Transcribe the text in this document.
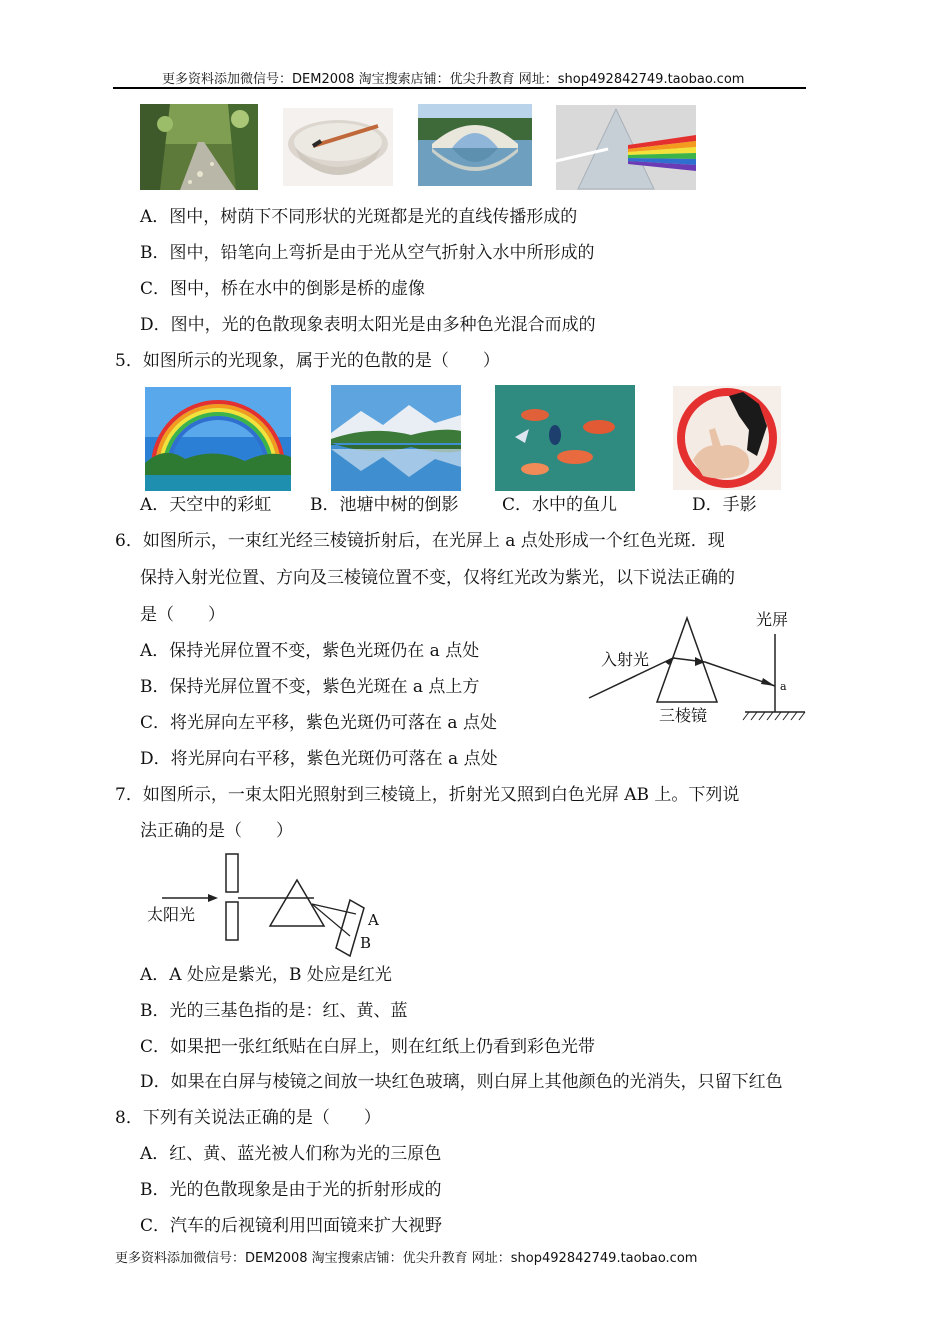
更多资料添加微信号：DEM2008 淘宝搜索店铺：优尖升教育 网址：shop492842749.taobao.com
A．图中，树荫下不同形状的光斑都是光的直线传播形成的
B．图中，铅笔向上弯折是由于光从空气折射入水中所形成的
C．图中，桥在水中的倒影是桥的虚像
D．图中，光的色散现象表明太阳光是由多种色光混合而成的
5．如图所示的光现象，属于光的色散的是（　　）
A．天空中的彩虹 B．池塘中树的倒影	C．水中的鱼儿	D．手影
6．如图所示，一束红光经三棱镜折射后，在光屏上 a 点处形成一个红色光斑．现
保持入射光位置、方向及三棱镜位置不变，仅将红光改为紫光，以下说法正确的
是（　　）
A．保持光屏位置不变，紫色光斑仍在 a 点处
B．保持光屏位置不变，紫色光斑在 a 点上方
C．将光屏向左平移，紫色光斑仍可落在 a 点处
D．将光屏向右平移，紫色光斑仍可落在 a 点处
光屏
入射光
三棱镜
a
7．如图所示，一束太阳光照射到三棱镜上，折射光又照到白色光屏 AB 上。下列说
法正确的是（　　）
A
B
太阳光
A．A 处应是紫光，B 处应是红光
B．光的三基色指的是：红、黄、蓝
C．如果把一张红纸贴在白屏上，则在红纸上仍看到彩色光带
D．如果在白屏与棱镜之间放一块红色玻璃，则白屏上其他颜色的光消失，只留下红色
8．下列有关说法正确的是（　　）
A．红、黄、蓝光被人们称为光的三原色
B．光的色散现象是由于光的折射形成的
C．汽车的后视镜利用凹面镜来扩大视野
更多资料添加微信号：DEM2008 淘宝搜索店铺：优尖升教育 网址：shop492842749.taobao.com
